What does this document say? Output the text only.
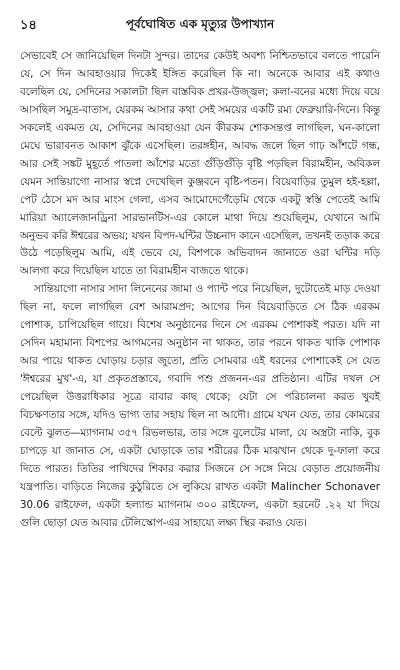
১৪	পূর্বঘোষিত এক মৃত্যুর উপাখ্যান

সেভাবেই সে জানিয়েছিল দিনটা সুন্দর। তাদের কেউই অবশ্য নিশ্চিতভাবে বলতে পারেনি যে, সে দিন আবহাওয়ার দিকেই ইঙ্গিত করেছিল কি না। অনেকে আবার এই কথাও বলেছিল যে, সেদিনের সকালটা ছিল বাস্তবিক প্রখর-উজ্জ্বল; কলা-বনের মধ্যে দিয়ে বয়ে আসছিল সমুদ্র-বাতাস, যেরকম আসার কথা সেই সময়ের একটি রম্য ফেব্রুয়ারি-দিনে। কিন্তু সকলেই একমত যে, সেদিনের আবহাওয়া যেন কীরকম শোকসন্তপ্ত লাগছিল, ঘন-কালো মেঘে ভারাবনত আকাশ ঝুঁকে এসেছিল। তরঙ্গহীন, আবদ্ধ জলে ছিল গাঢ় আঁশটে গন্ধ, আর সেই সঙ্কট মুহূর্তে পাতলা আঁশের মতো গুঁড়িগুঁড়ি বৃষ্টি পড়ছিল বিরামহীন, অবিকল যেমন সান্তিয়াগো নাসার স্বপ্নে দেখেছিল কুঞ্জবনে বৃষ্টি-পতন। বিয়েবাড়ির তুমুল হই-হল্লা, পেট ঠেসে মদ আর মাংস গেলা, এসব আমোদেগেঁড়েমি থেকে একটু স্বস্তি পেতেই আমি মারিয়া অ্যালেজানড্রিনা সারভানটিস-এর কোলে মাথা দিয়ে শুয়েছিলুম, যেখানে আমি অনুভব করি ঈশ্বরের অভয়; যখন বিপদ-ঘন্টির উচ্চনাদ কানে এসেছিল, তখনই তড়াক করে উঠে পড়েছিলুম আমি, এই ভেবে যে, বিশপকে অভিবাদন জানাতে ওরা ঘন্টির দড়ি আলগা করে দিয়েছিল যাতে তা বিরামহীন বাজতে থাকে।

সান্তিয়াগো নাসার সাদা লিনেনের জামা ও প্যান্ট পরে নিয়েছিল, দুটোতেই মাড় দেওয়া ছিল না, ফলে লাগছিল বেশ আরামপ্রদ; আগের দিন বিয়েবাড়িতে সে ঠিক এরকম পোশাক, চাপিয়েছিল গায়ে। বিশেষ অনুষ্ঠানের দিনে সে এরকম পোশাকই পরত। যদি না সেদিন মহামান্য বিশপের আগমনের অনুষ্ঠান না থাকত, তার পরনে থাকত খাকি পোশাক আর পায়ে থাকত ঘোড়ায় চড়ার জুতো, প্রতি সোমবার এই ধরনের পোশাকেই সে যেত 'ঈশ্বরের মুখ'-এ, যা প্রকৃতপ্রস্তাবে, গবাদি পশু প্রজনন-এর প্রতিষ্ঠান। এটির দখল সে পেয়েছিল উত্তরাধিকার সূত্রে বাবার কাছ থেকে; যেটা সে পরিচালনা করত খুবই বিচক্ষণতার সঙ্গে, যদিও ভাগ্য তার সহায় ছিল না আদৌ। গ্রামে যখন যেত, তার কোমরের বেল্টে ঝুলত—ম্যাগনাম ৩৫৭ রিভলভার, তার সঙ্গে বুলেটের মালা, যে অস্ত্রটা নাকি, বুক চাপড়ে যা জানাত সে, একটা ঘোড়াকে তার শরীরের ঠিক মাঝখান থেকে দু-ফালা করে দিতে পারত। তিতির পাখিদের শিকার করার সিজনে সে সঙ্গে নিয়ে বেড়াত প্রয়োজনীয় যন্ত্রপাতি। বাড়িতে নিজের কুঠুরিতে সে লুকিয়ে রাখত একটা Malincher Schonaver 30.06 রাইফেল, একটা হল্যান্ড ম্যাগনাম ৩০০ রাইফেল, একটা হরনেট .২২ যা দিয়ে গুলি ছোড়া যেত আবার টেলিস্কোপ-এর সাহায্যে লক্ষ্য স্থির করাও যেত।
